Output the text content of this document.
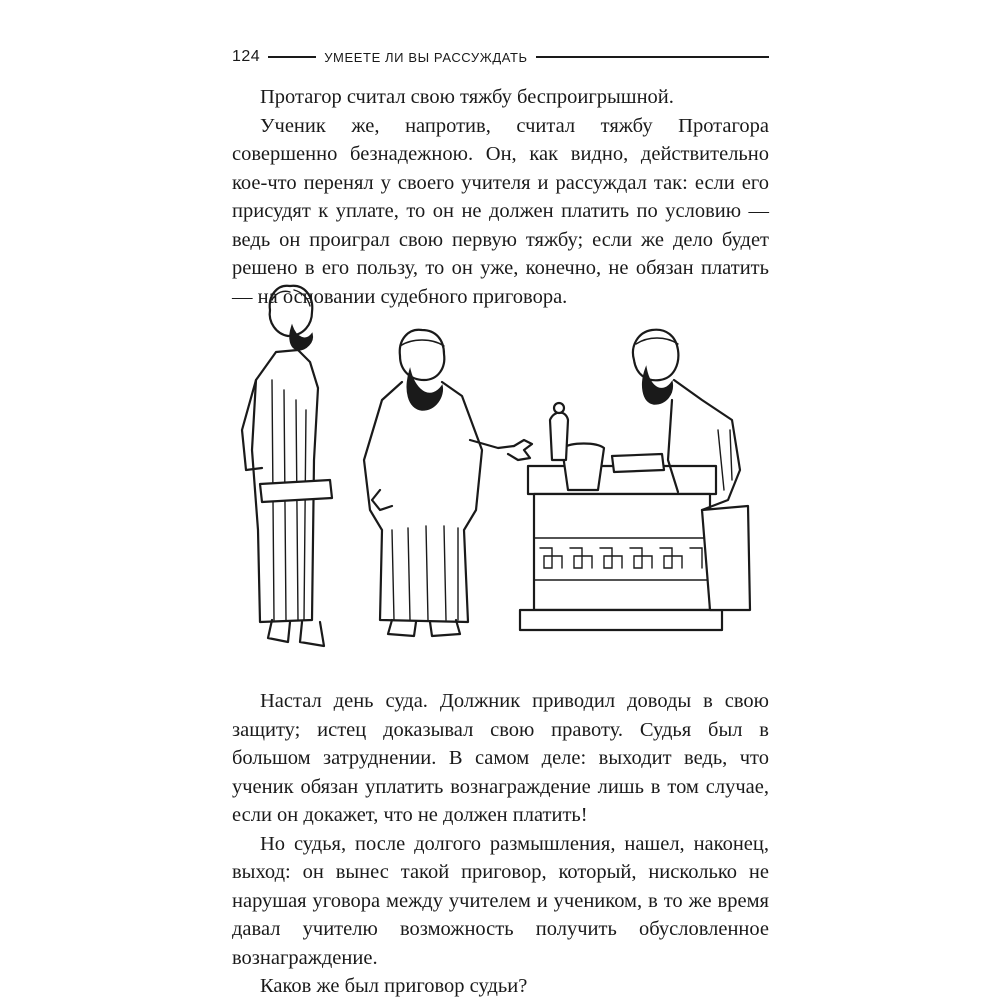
124	УМЕЕТЕ ЛИ ВЫ РАССУЖДАТЬ

Протагор считал свою тяжбу беспроигрышной.

Ученик же, напротив, считал тяжбу Протагора совершенно безнадежною. Он, как видно, действительно кое-что перенял у своего учителя и рассуждал так: если его присудят к уплате, то он не должен платить по условию — ведь он проиграл свою первую тяжбу; если же дело будет решено в его пользу, то он уже, конечно, не обязан платить — на основании судебного приговора.

Настал день суда. Должник приводил доводы в свою защиту; истец доказывал свою правоту. Судья был в большом затруднении. В самом деле: выходит ведь, что ученик обязан уплатить вознаграждение лишь в том случае, если он докажет, что не должен платить!

Но судья, после долгого размышления, нашел, наконец, выход: он вынес такой приговор, который, нисколько не нарушая уговора между учителем и учеником, в то же время давал учителю возможность получить обусловленное вознаграждение.

Каков же был приговор судьи?
